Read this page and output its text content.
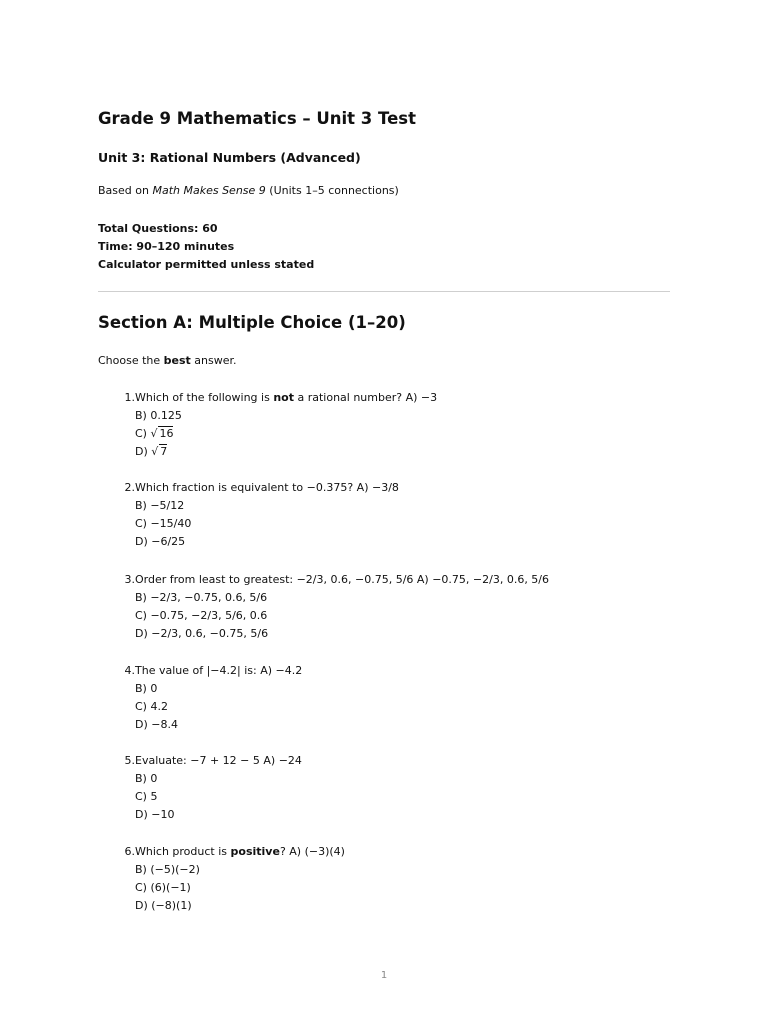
Grade 9 Mathematics – Unit 3 Test
Unit 3: Rational Numbers (Advanced)

Based on Math Makes Sense 9 (Units 1–5 connections)

Total Questions: 60
Time: 90–120 minutes
Calculator permitted unless stated
Section A: Multiple Choice (1–20)

Choose the best answer.

1. Which of the following is not a rational number? A) −3
B) 0.125
C) √ 16
D) √ 7
2. Which fraction is equivalent to −0.375? A) −3/8
B) −5/12
C) −15/40
D) −6/25
3. Order from least to greatest: −2/3, 0.6, −0.75, 5/6 A) −0.75, −2/3, 0.6, 5/6
B) −2/3, −0.75, 0.6, 5/6
C) −0.75, −2/3, 5/6, 0.6
D) −2/3, 0.6, −0.75, 5/6
4. The value of |−4.2| is: A) −4.2
B) 0
C) 4.2
D) −8.4
5. Evaluate: −7 + 12 − 5 A) −24
B) 0
C) 5
D) −10
6. Which product is positive? A) (−3)(4)
B) (−5)(−2)
C) (6)(−1)
D) (−8)(1)
1
